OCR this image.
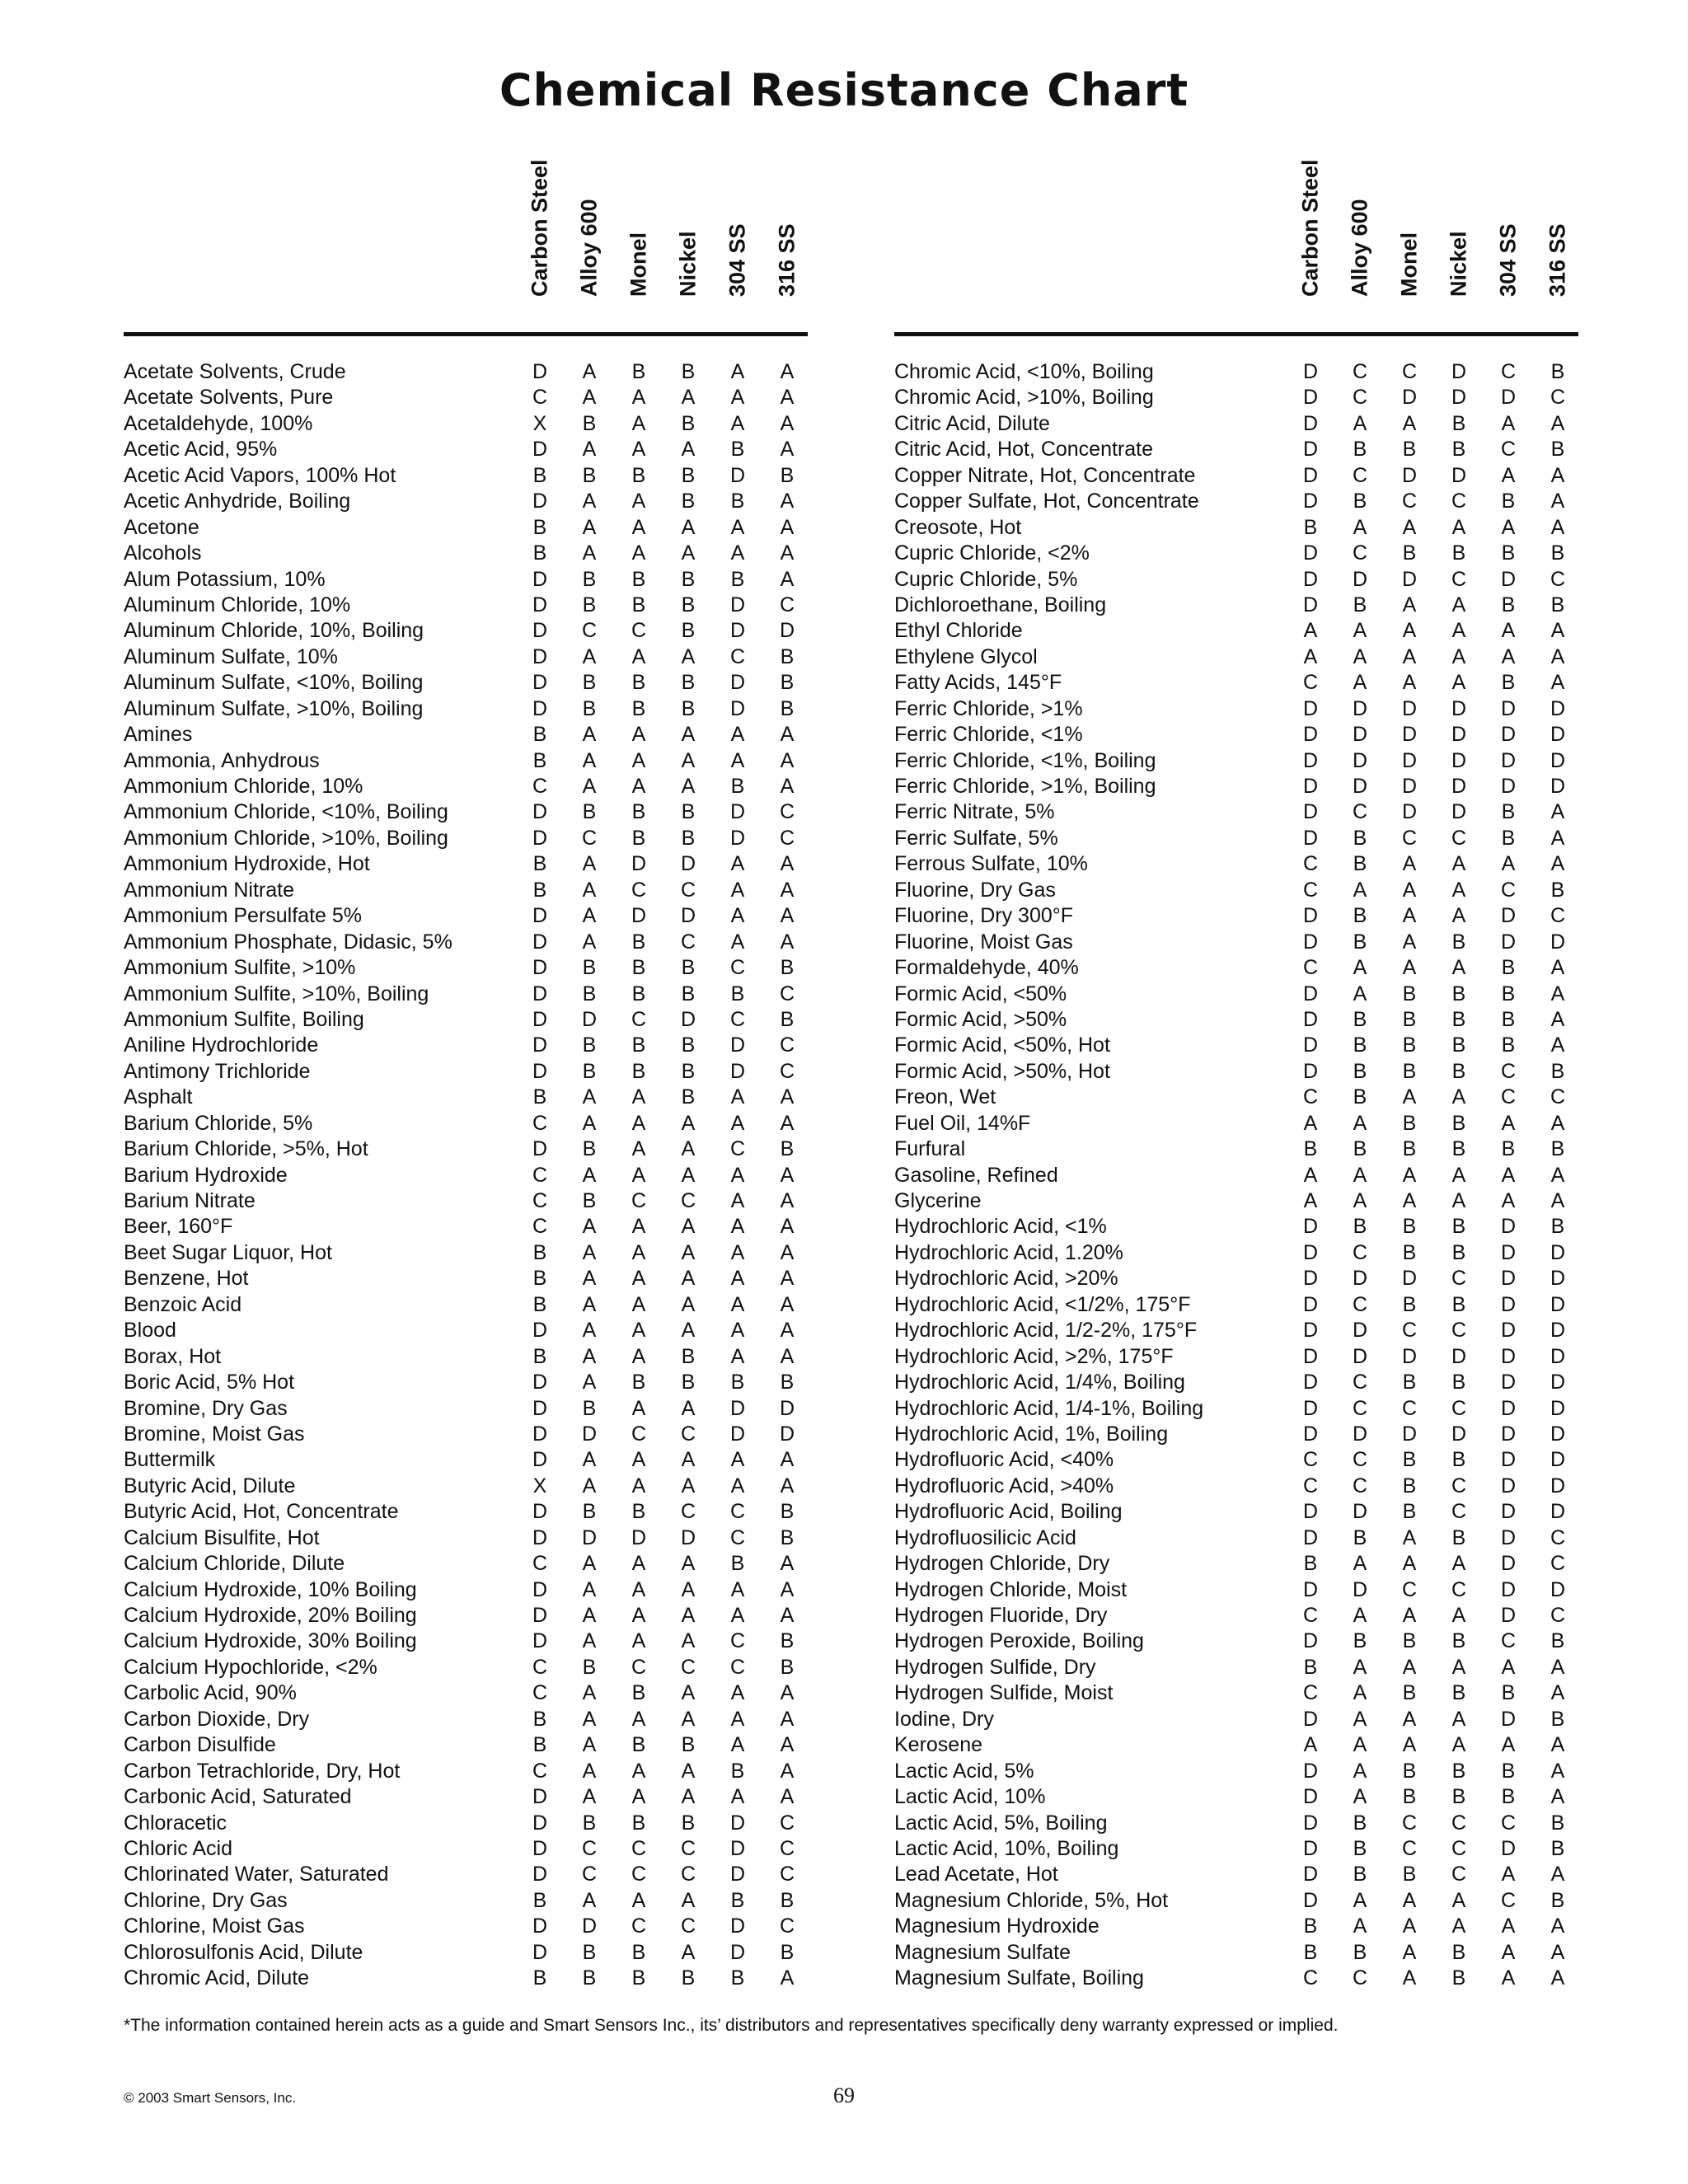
Chemical Resistance Chart
Carbon Steel Alloy 600 Monel Nickel 304 SS 316 SS
Acetate Solvents, Crude	D	A	B	B	A	A
Acetate Solvents, Pure	C	A	A	A	A	A
Acetaldehyde, 100%	X	B	A	B	A	A
Acetic Acid, 95%	D	A	A	A	B	A
Acetic Acid Vapors, 100% Hot	B	B	B	B	D	B
Acetic Anhydride, Boiling	D	A	A	B	B	A
Acetone	B	A	A	A	A	A
Alcohols	B	A	A	A	A	A
Alum Potassium, 10%	D	B	B	B	B	A
Aluminum Chloride, 10%	D	B	B	B	D	C
Aluminum Chloride, 10%, Boiling	D	C	C	B	D	D
Aluminum Sulfate, 10%	D	A	A	A	C	B
Aluminum Sulfate, <10%, Boiling	D	B	B	B	D	B
Aluminum Sulfate, >10%, Boiling	D	B	B	B	D	B
Amines	B	A	A	A	A	A
Ammonia, Anhydrous	B	A	A	A	A	A
Ammonium Chloride, 10%	C	A	A	A	B	A
Ammonium Chloride, <10%, Boiling	D	B	B	B	D	C
Ammonium Chloride, >10%, Boiling	D	C	B	B	D	C
Ammonium Hydroxide, Hot	B	A	D	D	A	A
Ammonium Nitrate	B	A	C	C	A	A
Ammonium Persulfate 5%	D	A	D	D	A	A
Ammonium Phosphate, Didasic, 5%	D	A	B	C	A	A
Ammonium Sulfite, >10%	D	B	B	B	C	B
Ammonium Sulfite, >10%, Boiling	D	B	B	B	B	C
Ammonium Sulfite, Boiling	D	D	C	D	C	B
Aniline Hydrochloride	D	B	B	B	D	C
Antimony Trichloride	D	B	B	B	D	C
Asphalt	B	A	A	B	A	A
Barium Chloride, 5%	C	A	A	A	A	A
Barium Chloride, >5%, Hot	D	B	A	A	C	B
Barium Hydroxide	C	A	A	A	A	A
Barium Nitrate	C	B	C	C	A	A
Beer, 160°F	C	A	A	A	A	A
Beet Sugar Liquor, Hot	B	A	A	A	A	A
Benzene, Hot	B	A	A	A	A	A
Benzoic Acid	B	A	A	A	A	A
Blood	D	A	A	A	A	A
Borax, Hot	B	A	A	B	A	A
Boric Acid, 5% Hot	D	A	B	B	B	B
Bromine, Dry Gas	D	B	A	A	D	D
Bromine, Moist Gas	D	D	C	C	D	D
Buttermilk	D	A	A	A	A	A
Butyric Acid, Dilute	X	A	A	A	A	A
Butyric Acid, Hot, Concentrate	D	B	B	C	C	B
Calcium Bisulfite, Hot	D	D	D	D	C	B
Calcium Chloride, Dilute	C	A	A	A	B	A
Calcium Hydroxide, 10% Boiling	D	A	A	A	A	A
Calcium Hydroxide, 20% Boiling	D	A	A	A	A	A
Calcium Hydroxide, 30% Boiling	D	A	A	A	C	B
Calcium Hypochloride, <2%	C	B	C	C	C	B
Carbolic Acid, 90%	C	A	B	A	A	A
Carbon Dioxide, Dry	B	A	A	A	A	A
Carbon Disulfide	B	A	B	B	A	A
Carbon Tetrachloride, Dry, Hot	C	A	A	A	B	A
Carbonic Acid, Saturated	D	A	A	A	A	A
Chloracetic	D	B	B	B	D	C
Chloric Acid	D	C	C	C	D	C
Chlorinated Water, Saturated	D	C	C	C	D	C
Chlorine, Dry Gas	B	A	A	A	B	B
Chlorine, Moist Gas	D	D	C	C	D	C
Chlorosulfonis Acid, Dilute	D	B	B	A	D	B
Chromic Acid, Dilute	B	B	B	B	B	A
Carbon Steel Alloy 600 Monel Nickel 304 SS 316 SS
Chromic Acid, <10%, Boiling	D	C	C	D	C	B
Chromic Acid, >10%, Boiling	D	C	D	D	D	C
Citric Acid, Dilute	D	A	A	B	A	A
Citric Acid, Hot, Concentrate	D	B	B	B	C	B
Copper Nitrate, Hot, Concentrate	D	C	D	D	A	A
Copper Sulfate, Hot, Concentrate	D	B	C	C	B	A
Creosote, Hot	B	A	A	A	A	A
Cupric Chloride, <2%	D	C	B	B	B	B
Cupric Chloride, 5%	D	D	D	C	D	C
Dichloroethane, Boiling	D	B	A	A	B	B
Ethyl Chloride	A	A	A	A	A	A
Ethylene Glycol	A	A	A	A	A	A
Fatty Acids, 145°F	C	A	A	A	B	A
Ferric Chloride, >1%	D	D	D	D	D	D
Ferric Chloride, <1%	D	D	D	D	D	D
Ferric Chloride, <1%, Boiling	D	D	D	D	D	D
Ferric Chloride, >1%, Boiling	D	D	D	D	D	D
Ferric Nitrate, 5%	D	C	D	D	B	A
Ferric Sulfate, 5%	D	B	C	C	B	A
Ferrous Sulfate, 10%	C	B	A	A	A	A
Fluorine, Dry Gas	C	A	A	A	C	B
Fluorine, Dry 300°F	D	B	A	A	D	C
Fluorine, Moist Gas	D	B	A	B	D	D
Formaldehyde, 40%	C	A	A	A	B	A
Formic Acid, <50%	D	A	B	B	B	A
Formic Acid, >50%	D	B	B	B	B	A
Formic Acid, <50%, Hot	D	B	B	B	B	A
Formic Acid, >50%, Hot	D	B	B	B	C	B
Freon, Wet	C	B	A	A	C	C
Fuel Oil, 14%F	A	A	B	B	A	A
Furfural	B	B	B	B	B	B
Gasoline, Refined	A	A	A	A	A	A
Glycerine	A	A	A	A	A	A
Hydrochloric Acid, <1%	D	B	B	B	D	B
Hydrochloric Acid, 1.20%	D	C	B	B	D	D
Hydrochloric Acid, >20%	D	D	D	C	D	D
Hydrochloric Acid, <1/2%, 175°F	D	C	B	B	D	D
Hydrochloric Acid, 1/2-2%, 175°F	D	D	C	C	D	D
Hydrochloric Acid, >2%, 175°F	D	D	D	D	D	D
Hydrochloric Acid, 1/4%, Boiling	D	C	B	B	D	D
Hydrochloric Acid, 1/4-1%, Boiling	D	C	C	C	D	D
Hydrochloric Acid, 1%, Boiling	D	D	D	D	D	D
Hydrofluoric Acid, <40%	C	C	B	B	D	D
Hydrofluoric Acid, >40%	C	C	B	C	D	D
Hydrofluoric Acid, Boiling	D	D	B	C	D	D
Hydrofluosilicic Acid	D	B	A	B	D	C
Hydrogen Chloride, Dry	B	A	A	A	D	C
Hydrogen Chloride, Moist	D	D	C	C	D	D
Hydrogen Fluoride, Dry	C	A	A	A	D	C
Hydrogen Peroxide, Boiling	D	B	B	B	C	B
Hydrogen Sulfide, Dry	B	A	A	A	A	A
Hydrogen Sulfide, Moist	C	A	B	B	B	A
Iodine, Dry	D	A	A	A	D	B
Kerosene	A	A	A	A	A	A
Lactic Acid, 5%	D	A	B	B	B	A
Lactic Acid, 10%	D	A	B	B	B	A
Lactic Acid, 5%, Boiling	D	B	C	C	C	B
Lactic Acid, 10%, Boiling	D	B	C	C	D	B
Lead Acetate, Hot	D	B	B	C	A	A
Magnesium Chloride, 5%, Hot	D	A	A	A	C	B
Magnesium Hydroxide	B	A	A	A	A	A
Magnesium Sulfate	B	B	A	B	A	A
Magnesium Sulfate, Boiling	C	C	A	B	A	A
*The information contained herein acts as a guide and Smart Sensors Inc., its’ distributors and representatives specifically deny warranty expressed or implied.
© 2003 Smart Sensors, Inc.	69
